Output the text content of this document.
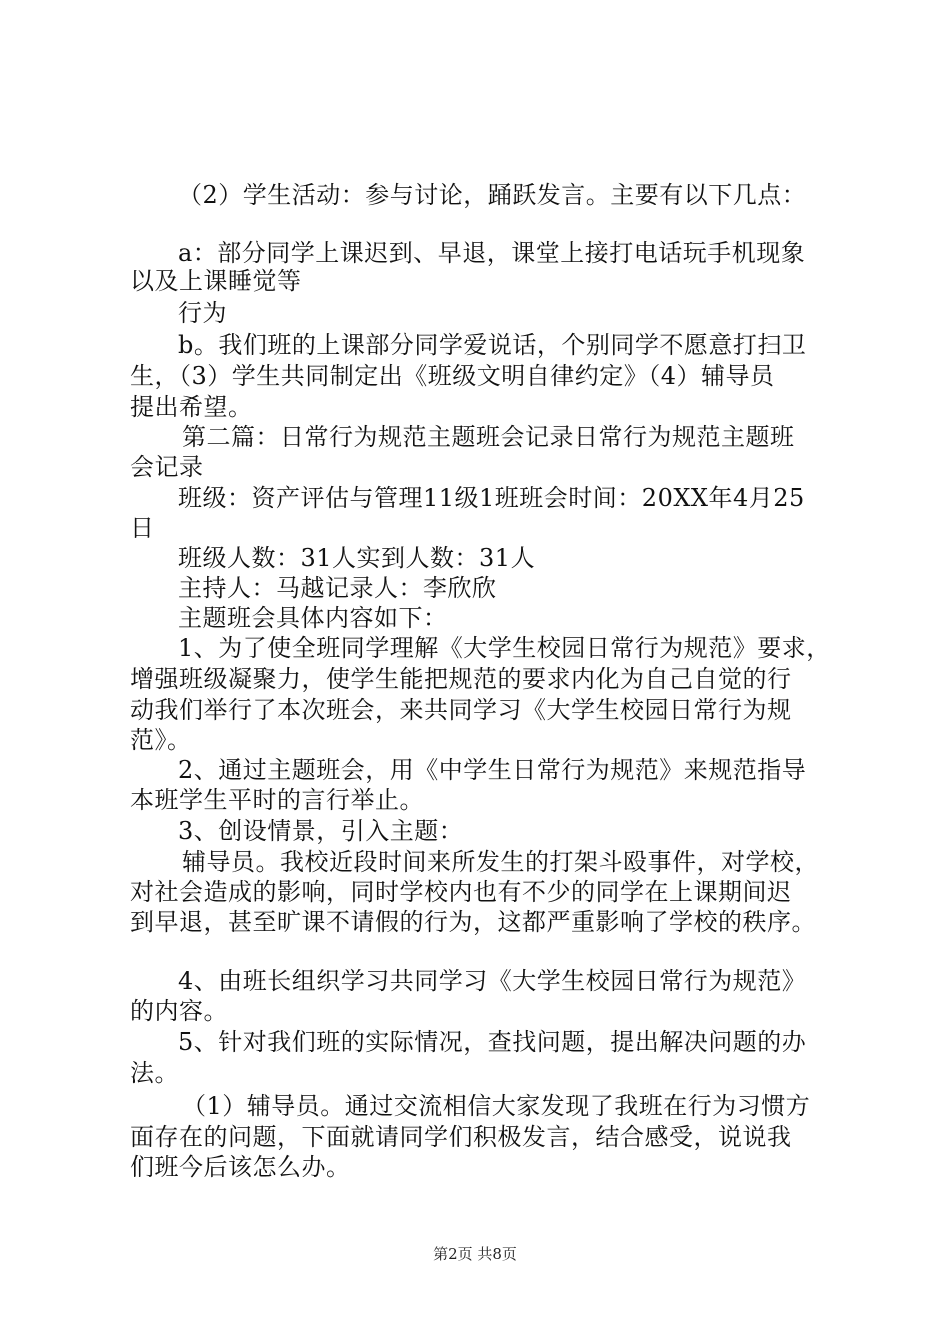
（2）学生活动：参与讨论，踊跃发言。主要有以下几点：
a：部分同学上课迟到、早退，课堂上接打电话玩手机现象
以及上课睡觉等
行为
b。我们班的上课部分同学爱说话，个别同学不愿意打扫卫
生，（3）学生共同制定出《班级文明自律约定》（4）辅导员
提出希望。
第二篇：日常行为规范主题班会记录日常行为规范主题班
会记录
班级：资产评估与管理11级1班班会时间：20XX年4月25
日
班级人数：31人实到人数：31人
主持人：马越记录人：李欣欣
主题班会具体内容如下：
1、为了使全班同学理解《大学生校园日常行为规范》要求，
增强班级凝聚力，使学生能把规范的要求内化为自己自觉的行
动我们举行了本次班会，来共同学习《大学生校园日常行为规
范》。
2、通过主题班会，用《中学生日常行为规范》来规范指导
本班学生平时的言行举止。
3、创设情景，引入主题：
辅导员。我校近段时间来所发生的打架斗殴事件，对学校，
对社会造成的影响，同时学校内也有不少的同学在上课期间迟
到早退，甚至旷课不请假的行为，这都严重影响了学校的秩序。
4、由班长组织学习共同学习《大学生校园日常行为规范》
的内容。
5、针对我们班的实际情况，查找问题，提出解决问题的办
法。
（1）辅导员。通过交流相信大家发现了我班在行为习惯方
面存在的问题，下面就请同学们积极发言，结合感受，说说我
们班今后该怎么办。
第2页 共8页
